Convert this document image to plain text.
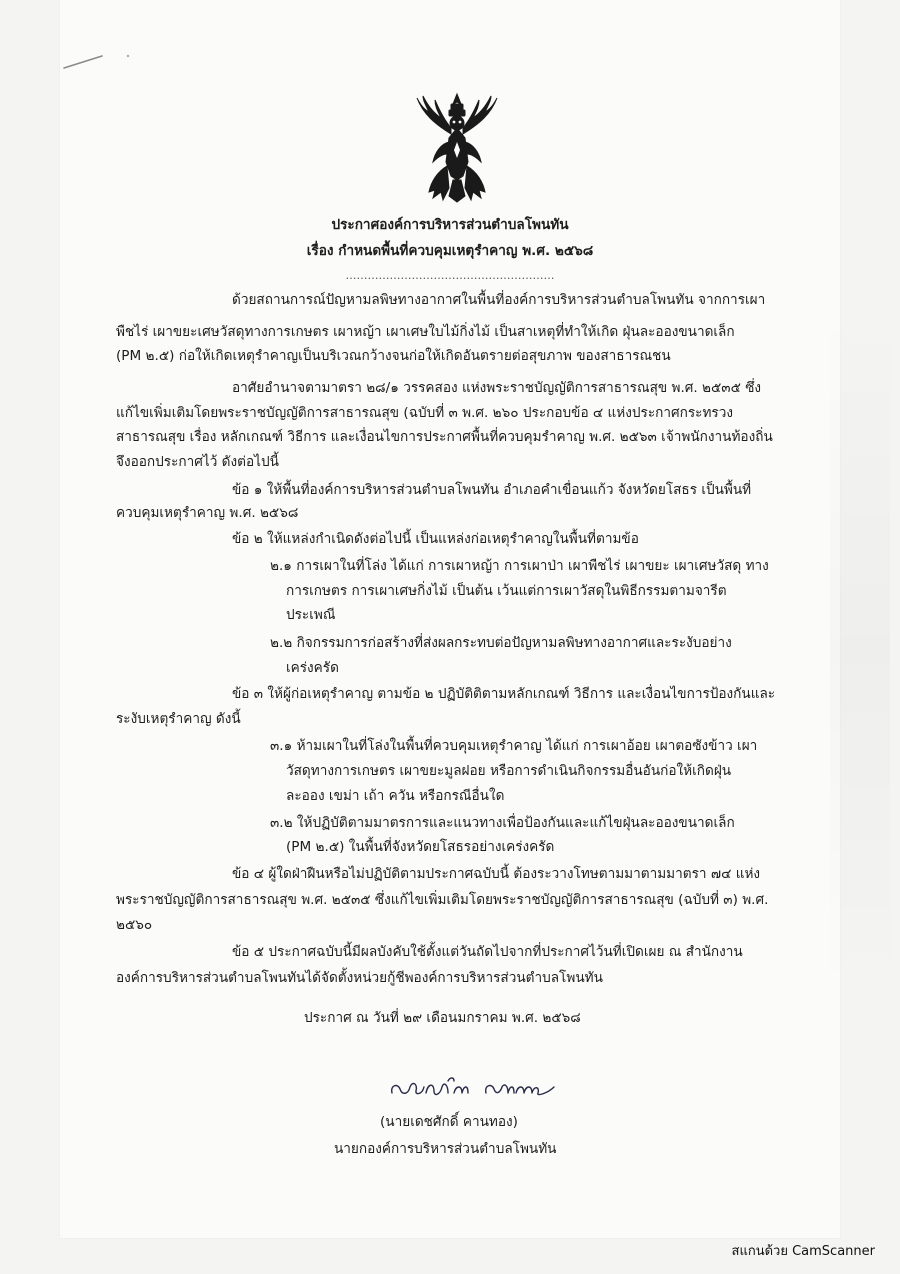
ประกาศองค์การบริหารส่วนตำบลโพนทัน
เรื่อง กำหนดพื้นที่ควบคุมเหตุรำคาญ พ.ศ. ๒๕๖๘
…………………………………………………
ด้วยสถานการณ์ปัญหามลพิษทางอากาศในพื้นที่องค์การบริหารส่วนตำบลโพนทัน จากการเผา
พืชไร่ เผาขยะเศษวัสดุทางการเกษตร เผาหญ้า เผาเศษใบไม้กิ่งไม้ เป็นสาเหตุที่ทำให้เกิด ฝุ่นละอองขนาดเล็ก
(PM ๒.๕) ก่อให้เกิดเหตุรำคาญเป็นบริเวณกว้างจนก่อให้เกิดอันตรายต่อสุขภาพ ของสาธารณชน
อาศัยอำนาจตามาตรา ๒๘/๑ วรรคสอง แห่งพระราชบัญญัติการสาธารณสุข พ.ศ. ๒๕๓๕ ซึ่ง
แก้ไขเพิ่มเติมโดยพระราชบัญญัติการสาธารณสุข (ฉบับที่ ๓ พ.ศ. ๒๖๐ ประกอบข้อ ๔ แห่งประกาศกระทรวง
สาธารณสุข เรื่อง หลักเกณฑ์ วิธีการ และเงื่อนไขการประกาศพื้นที่ควบคุมรำคาญ พ.ศ. ๒๕๖๓ เจ้าพนักงานท้องถิ่น
จึงออกประกาศไว้ ดังต่อไปนี้
ข้อ ๑ ให้พื้นที่องค์การบริหารส่วนตำบลโพนทัน อำเภอคำเขื่อนแก้ว จังหวัดยโสธร เป็นพื้นที่
ควบคุมเหตุรำคาญ พ.ศ. ๒๕๖๘
ข้อ ๒ ให้แหล่งกำเนิดดังต่อไปนี้ เป็นแหล่งก่อเหตุรำคาญในพื้นที่ตามข้อ
๒.๑ การเผาในที่โล่ง ได้แก่ การเผาหญ้า การเผาป่า เผาพืชไร่ เผาขยะ เผาเศษวัสดุ ทาง
การเกษตร การเผาเศษกิ่งไม้ เป็นต้น เว้นแต่การเผาวัสดุในพิธีกรรมตามจารีต
ประเพณี
๒.๒ กิจกรรมการก่อสร้างที่ส่งผลกระทบต่อปัญหามลพิษทางอากาศและระงับอย่าง
เคร่งครัด
ข้อ ๓ ให้ผู้ก่อเหตุรำคาญ ตามข้อ ๒ ปฏิบัติติตามหลักเกณฑ์ วิธีการ และเงื่อนไขการป้องกันและ
ระงับเหตุรำคาญ ดังนี้
๓.๑ ห้ามเผาในที่โล่งในพื้นที่ควบคุมเหตุรำคาญ ได้แก่ การเผาอ้อย เผาตอซังข้าว เผา
วัสดุทางการเกษตร เผาขยะมูลฝอย หรือการดำเนินกิจกรรมอื่นอันก่อให้เกิดฝุ่น
ละออง เขม่า เถ้า ควัน หรือกรณีอื่นใด
๓.๒ ให้ปฏิบัติตามมาตรการและแนวทางเพื่อป้องกันและแก้ไขฝุ่นละอองขนาดเล็ก
(PM ๒.๕) ในพื้นที่จังหวัดยโสธรอย่างเคร่งครัด
ข้อ ๔ ผู้ใดฝ่าฝืนหรือไม่ปฏิบัติตามประกาศฉบับนี้ ต้องระวางโทษตามมาตามมาตรา ๗๔ แห่ง
พระราชบัญญัติการสาธารณสุข พ.ศ. ๒๕๓๕ ซึ่งแก้ไขเพิ่มเติมโดยพระราชบัญญัติการสาธารณสุข (ฉบับที่ ๓) พ.ศ.
๒๕๖๐
ข้อ ๕ ประกาศฉบับนี้มีผลบังคับใช้ตั้งแต่วันถัดไปจากที่ประกาศไว้นที่เปิดเผย ณ สำนักงาน
องค์การบริหารส่วนตำบลโพนทันได้จัดตั้งหน่วยกู้ชีพองค์การบริหารส่วนตำบลโพนทัน
ประกาศ ณ วันที่ ๒๙ เดือนมกราคม พ.ศ. ๒๕๖๘
(นายเดชศักดิ์ คานทอง)
นายกองค์การบริหารส่วนตำบลโพนทัน
สแกนด้วย CamScanner
